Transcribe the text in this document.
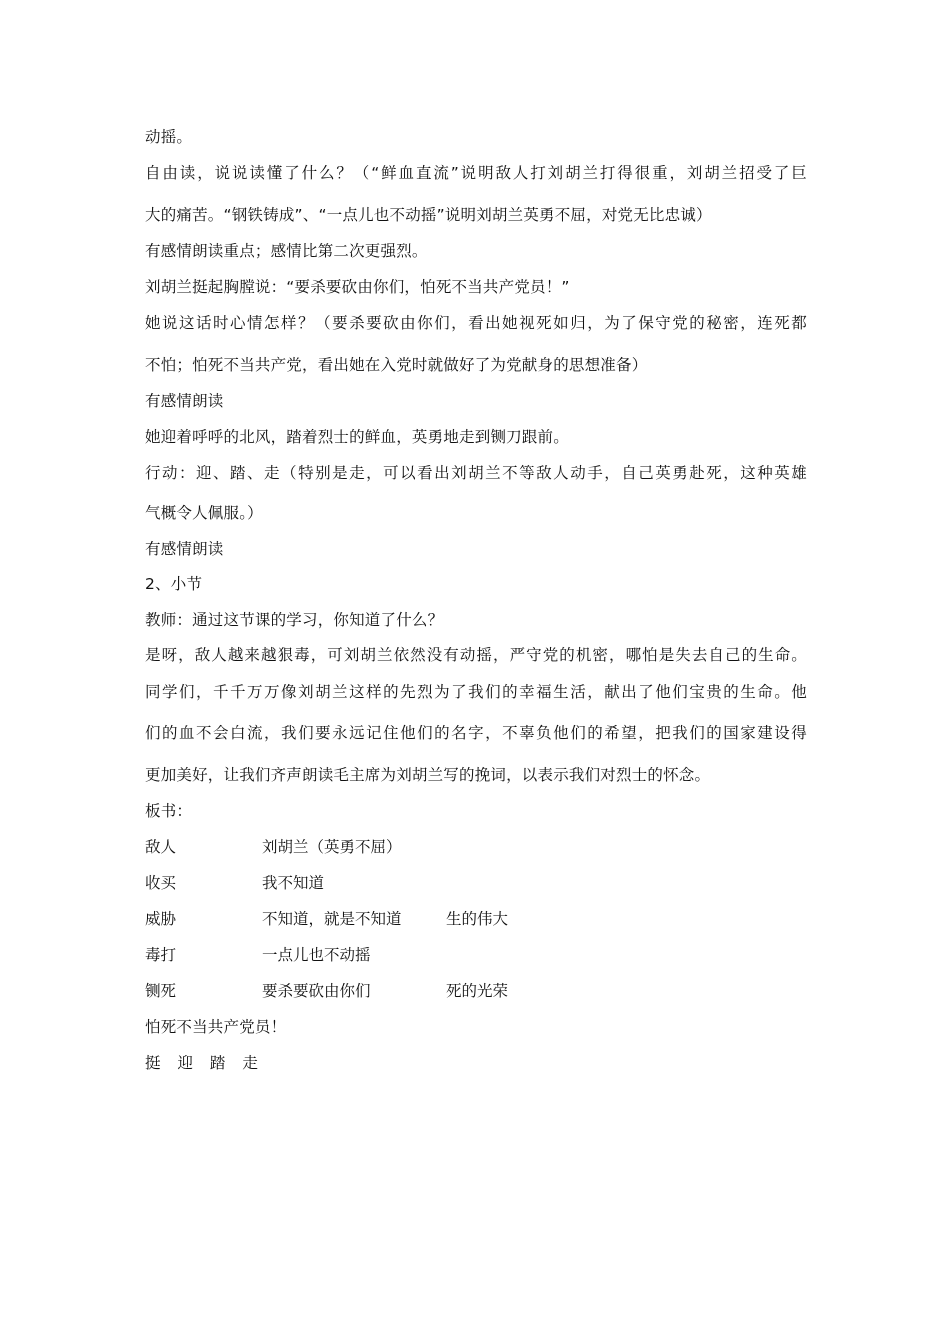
动摇。
自由读，说说读懂了什么？（“鲜血直流”说明敌人打刘胡兰打得很重，刘胡兰招受了巨
大的痛苦。“钢铁铸成”、“一点儿也不动摇”说明刘胡兰英勇不屈，对党无比忠诚）
有感情朗读重点；感情比第二次更强烈。
刘胡兰挺起胸膛说：“要杀要砍由你们，怕死不当共产党员！”
她说这话时心情怎样？（要杀要砍由你们，看出她视死如归，为了保守党的秘密，连死都
不怕；怕死不当共产党，看出她在入党时就做好了为党献身的思想准备）
有感情朗读
她迎着呼呼的北风，踏着烈士的鲜血，英勇地走到铡刀跟前。
行动：迎、踏、走（特别是走，可以看出刘胡兰不等敌人动手，自己英勇赴死，这种英雄
气概令人佩服。）
有感情朗读
2、小节
教师：通过这节课的学习，你知道了什么？
是呀，敌人越来越狠毒，可刘胡兰依然没有动摇，严守党的机密，哪怕是失去自己的生命。
同学们，千千万万像刘胡兰这样的先烈为了我们的幸福生活，献出了他们宝贵的生命。他
们的血不会白流，我们要永远记住他们的名字，不辜负他们的希望，把我们的国家建设得
更加美好，让我们齐声朗读毛主席为刘胡兰写的挽词，以表示我们对烈士的怀念。
板书：
敌人	刘胡兰（英勇不屈）
收买	我不知道
威胁	不知道，就是不知道	生的伟大
毒打	一点儿也不动摇
铡死	要杀要砍由你们	死的光荣
怕死不当共产党员！
挺 迎 踏 走
